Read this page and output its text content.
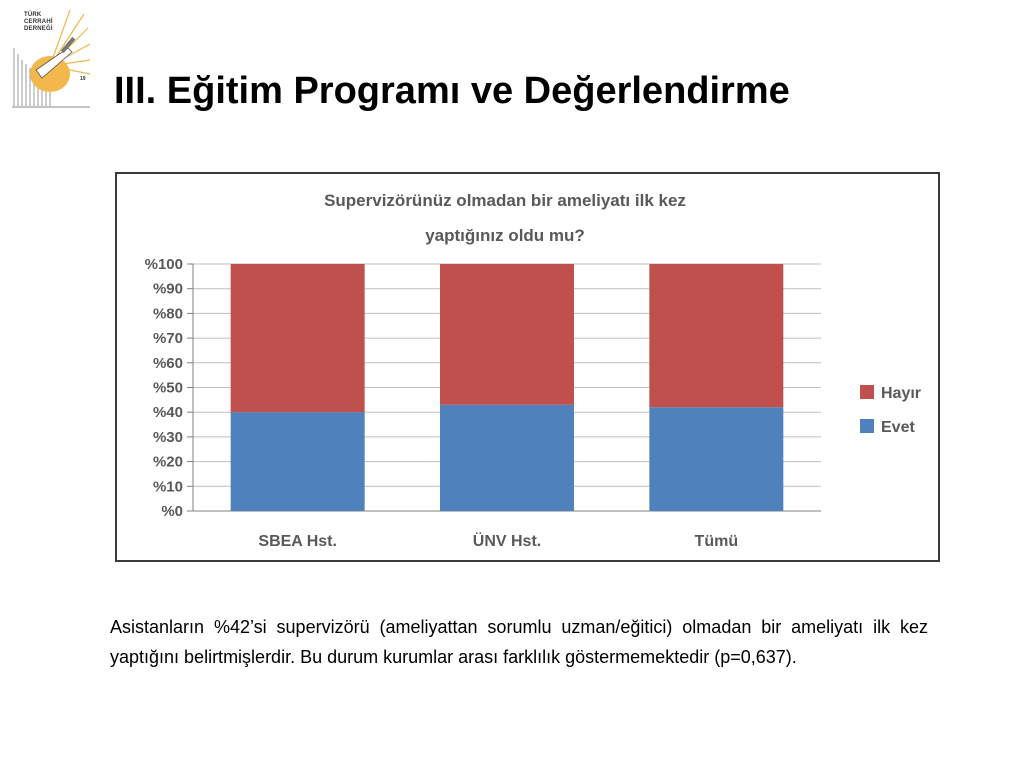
TÜRK
CERRAHİ
DERNEĞİ
19 III. Eğitim Programı ve Değerlendirme
Supervizörünüz olmadan bir ameliyatı ilk kez
yaptığınız oldu mu?
%0
%10
%20
%30
%40
%50
%60
%70
%80
%90
%100
SBEA Hst.	ÜNV Hst.	Tümü
Hayır
Evet

Asistanların %42’si supervizörü (ameliyattan sorumlu uzman/eğitici) olmadan bir ameliyatı ilk kez yaptığını belirtmişlerdir. Bu durum kurumlar arası farklılık göstermemektedir (p=0,637).
